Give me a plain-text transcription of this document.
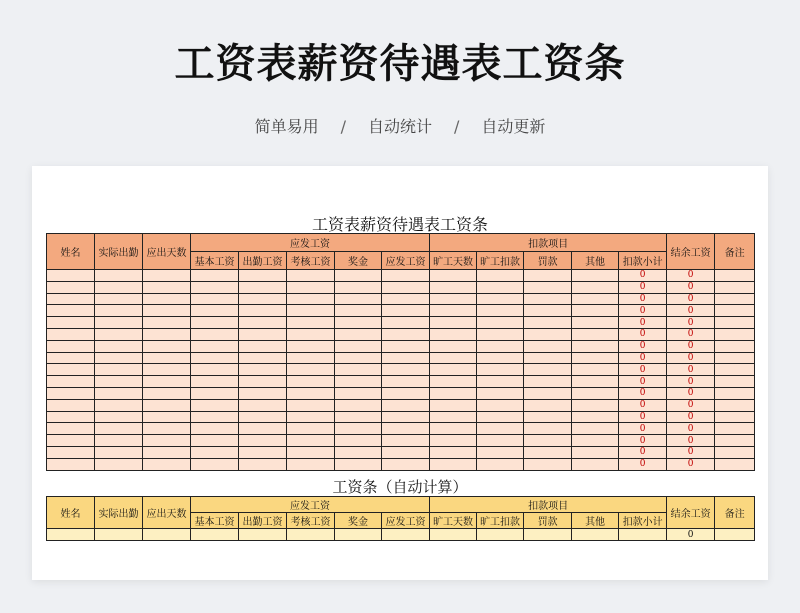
工资表薪资待遇表工资条
简单易用 / 自动统计 / 自动更新
工资表薪资待遇表工资条
姓名	实际出勤	应出天数	应发工资					扣款项目					结余工资	备注
			基本工资	出勤工资	考核工资	奖金	应发工资	旷工天数	旷工扣款	罚款	其他	扣款小计		
												0	0	
												0	0	
												0	0	
												0	0	
												0	0	
												0	0	
												0	0	
												0	0	
												0	0	
												0	0	
												0	0	
												0	0	
												0	0	
												0	0	
												0	0	
												0	0	
												0	0	
工资条（自动计算）
姓名	实际出勤	应出天数	应发工资					扣款项目					结余工资	备注
			基本工资	出勤工资	考核工资	奖金	应发工资	旷工天数	旷工扣款	罚款	其他	扣款小计		
													0	
